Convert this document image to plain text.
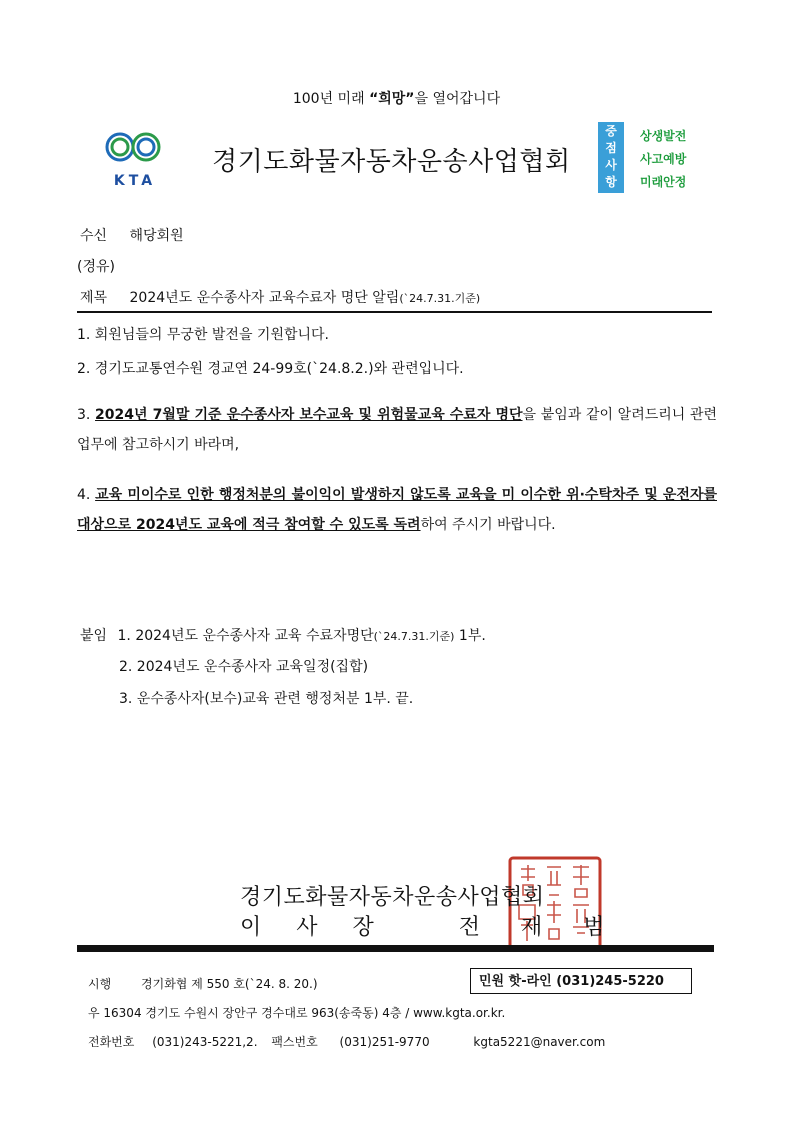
100년 미래 “희망”을 열어갑니다
KTA
경기도화물자동차운송사업협회
중
점
사
항
상생발전
사고예방
미래안정
수신 해당회원
(경유)
제목 2024년도 운수종사자 교육수료자 명단 알림(`24.7.31.기준)
1. 회원님들의 무궁한 발전을 기원합니다.
2. 경기도교통연수원 경교연 24-99호(`24.8.2.)와 관련입니다.
3. 2024년 7월말 기준 운수종사자 보수교육 및 위험물교육 수료자 명단을 붙임과 같이 알려드리니 관련 업무에 참고하시기 바라며,
4. 교육 미이수로 인한 행정처분의 불이익이 발생하지 않도록 교육을 미 이수한 위·수탁차주 및 운전자를 대상으로 2024년도 교육에 적극 참여할 수 있도록 독려하여 주시기 바랍니다.
붙임 1. 2024년도 운수종사자 교육 수료자명단(`24.7.31.기준) 1부.
2. 2024년도 운수종사자 교육일정(집합)
3. 운수종사자(보수)교육 관련 행정처분 1부. 끝.
경기도화물자동차운송사업협회
이 사 장	전 재 범
시행 경기화협 제 550 호(`24. 8. 20.)	민원 핫-라인 (031)245-5220
우 16304 경기도 수원시 장안구 경수대로 963(송죽동) 4층 / www.kgta.or.kr.
전화번호 (031)243-5221,2. 팩스번호 (031)251-9770	kgta5221@naver.com
